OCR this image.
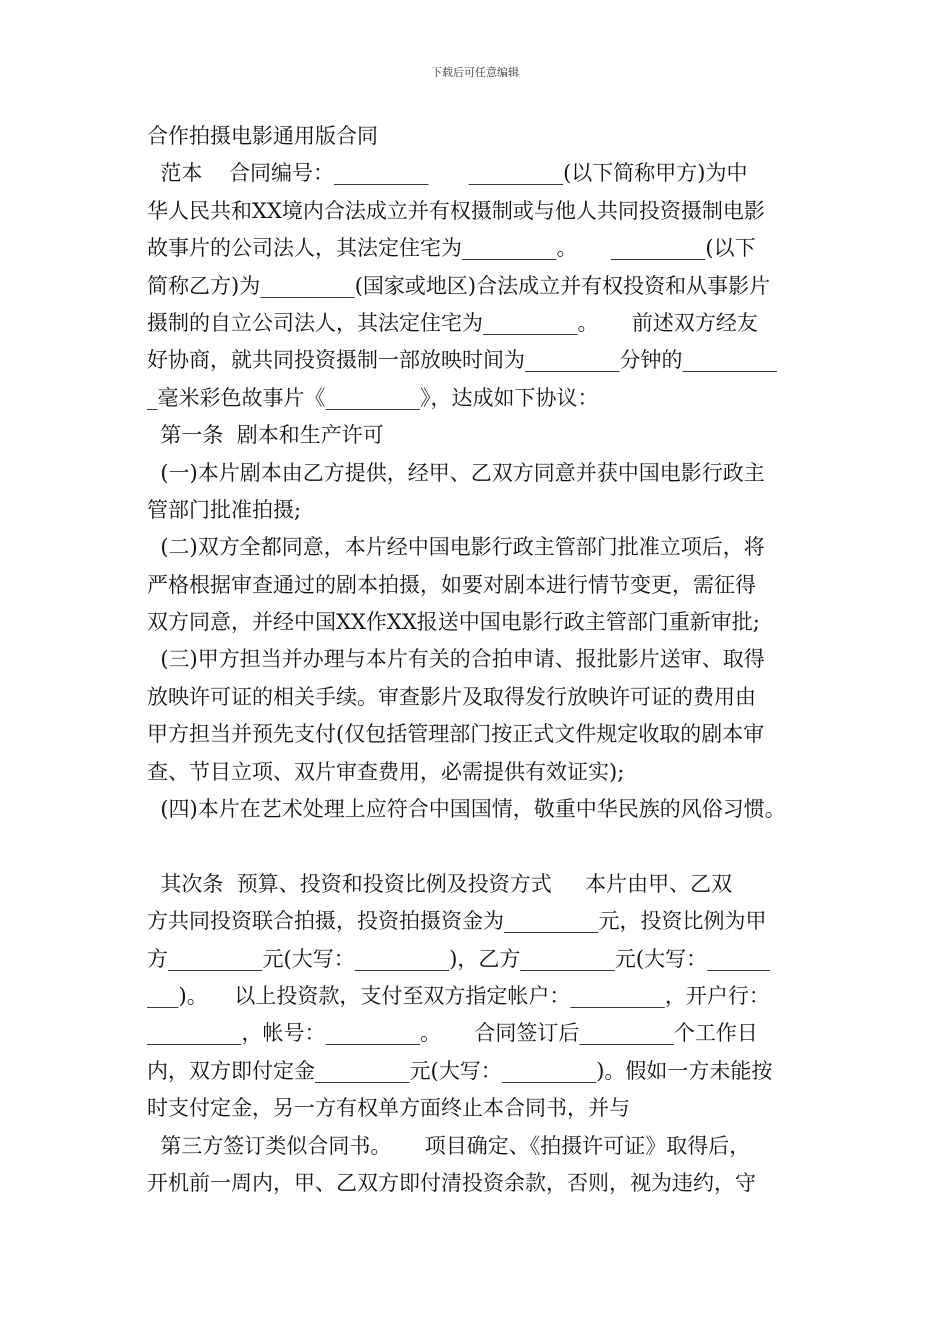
下载后可任意编辑
合作拍摄电影通用版合同
范本    合同编号：_________      _________(以下简称甲方)为中
华人民共和XX境内合法成立并有权摄制或与他人共同投资摄制电影
故事片的公司法人，其法定住宅为_________。     _________(以下
简称乙方)为_________(国家或地区)合法成立并有权投资和从事影片
摄制的自立公司法人，其法定住宅为_________。     前述双方经友
好协商，就共同投资摄制一部放映时间为_________分钟的_________
_毫米彩色故事片《_________》，达成如下协议：
第一条  剧本和生产许可
(一)本片剧本由乙方提供，经甲、乙双方同意并获中国电影行政主
管部门批准拍摄;
(二)双方全都同意，本片经中国电影行政主管部门批准立项后，将
严格根据审查通过的剧本拍摄，如要对剧本进行情节变更，需征得
双方同意，并经中国XX作XX报送中国电影行政主管部门重新审批;
(三)甲方担当并办理与本片有关的合拍申请、报批影片送审、取得
放映许可证的相关手续。审查影片及取得发行放映许可证的费用由
甲方担当并预先支付(仅包括管理部门按正式文件规定收取的剧本审
查、节目立项、双片审查费用，必需提供有效证实);
(四)本片在艺术处理上应符合中国国情，敬重中华民族的风俗习惯。
其次条  预算、投资和投资比例及投资方式     本片由甲、乙双
方共同投资联合拍摄，投资拍摄资金为_________元，投资比例为甲
方_________元(大写：_________)，乙方_________元(大写：______
___)。    以上投资款，支付至双方指定帐户：_________，开户行：
_________，帐号：_________。     合同签订后_________个工作日
内，双方即付定金_________元(大写：_________)。假如一方未能按
时支付定金，另一方有权单方面终止本合同书，并与
第三方签订类似合同书。     项目确定、《拍摄许可证》取得后，
开机前一周内，甲、乙双方即付清投资余款，否则，视为违约，守
